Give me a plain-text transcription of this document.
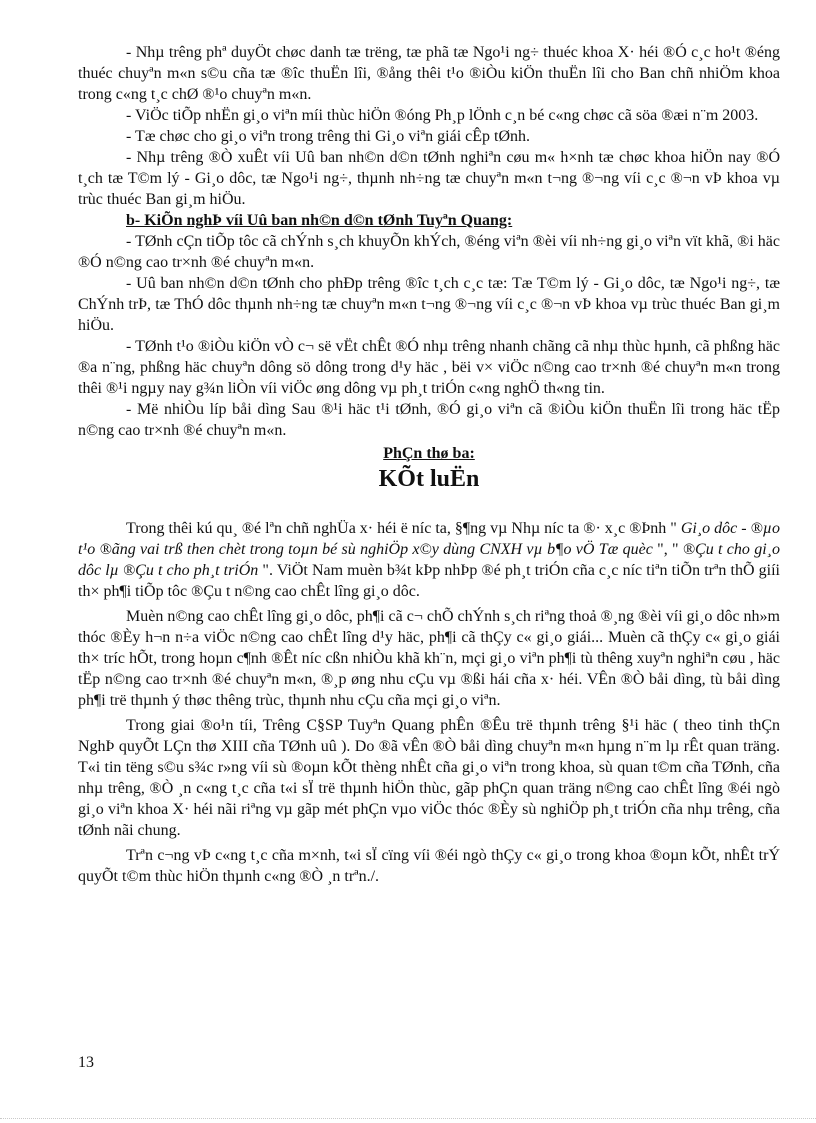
- Nhµ trêng phª duyÖt chøc danh tæ trëng, tæ phã tæ Ngo¹i ng÷ thuéc khoa X· héi ®Ó c¸c ho¹t ®éng thuéc chuyªn m«n s©u cña tæ ®îc thuËn lîi, ®ång thêi t¹o ®iÒu kiÖn thuËn lîi cho Ban chñ nhiÖm khoa trong c«ng t¸c chØ ®¹o chuyªn m«n.

- ViÖc tiÕp nhËn gi¸o viªn míi thùc hiÖn ®óng Ph¸p lÖnh c¸n bé c«ng chøc cã söa ®æi n¨m 2003.

- Tæ chøc cho gi¸o viªn trong trêng thi Gi¸o viªn giái cÊp tØnh.

- Nhµ trêng ®Ò xuÊt víi Uû ban nh©n d©n tØnh nghiªn cøu m« h×nh tæ chøc khoa hiÖn nay ®Ó t¸ch tæ T©m lý - Gi¸o dôc, tæ Ngo¹i ng÷, thµnh nh÷ng tæ chuyªn m«n t¬ng ®¬ng víi c¸c ®¬n vÞ khoa vµ trùc thuéc Ban gi¸m hiÖu.

b- KiÕn nghÞ víi Uû ban nh©n d©n tØnh Tuyªn Quang:

- TØnh cÇn tiÕp tôc cã chÝnh s¸ch khuyÕn khÝch, ®éng viªn ®èi víi nh÷ng gi¸o viªn vït khã, ®i häc ®Ó n©ng cao tr×nh ®é chuyªn m«n.

- Uû ban nh©n d©n tØnh cho phÐp trêng ®îc t¸ch c¸c tæ: Tæ T©m lý - Gi¸o dôc, tæ Ngo¹i ng÷, tæ ChÝnh trÞ, tæ ThÓ dôc thµnh nh÷ng tæ chuyªn m«n t¬ng ®¬ng víi c¸c ®¬n vÞ khoa vµ trùc thuéc Ban gi¸m hiÖu.

- TØnh t¹o ®iÒu kiÖn vÒ c¬ së vËt chÊt ®Ó nhµ trêng nhanh chãng cã nhµ thùc hµnh, cã phßng häc ®a n¨ng, phßng häc chuyªn dông sö dông trong d¹y häc , bëi v× viÖc n©ng cao tr×nh ®é chuyªn m«n trong thêi ®¹i ngµy nay g¾n liÒn víi viÖc øng dông vµ ph¸t triÓn c«ng nghÖ th«ng tin.

- Më nhiÒu líp båi dìng Sau ®¹i häc t¹i tØnh, ®Ó gi¸o viªn cã ®iÒu kiÖn thuËn lîi trong häc tËp n©ng cao tr×nh ®é chuyªn m«n.

PhÇn thø ba:

KÕt luËn

Trong thêi kú qu¸ ®é lªn chñ nghÜa x· héi ë níc ta, §¶ng vµ Nhµ níc ta ®· x¸c ®Þnh " Gi¸o dôc - ®µo t¹o ®ãng vai trß then chèt trong toµn bé sù nghiÖp x©y dùng CNXH vµ b¶o vÖ Tæ quèc ", " ®Çu t cho gi¸o dôc lµ ®Çu t cho ph¸t triÓn ". ViÖt Nam muèn b¾t kÞp nhÞp ®é ph¸t triÓn cña c¸c níc tiªn tiÕn trªn thÕ giíi th× ph¶i tiÕp tôc ®Çu t n©ng cao chÊt lîng gi¸o dôc.

Muèn n©ng cao chÊt lîng gi¸o dôc, ph¶i cã c¬ chÕ chÝnh s¸ch riªng thoả ®¸ng ®èi víi gi¸o dôc nh»m thóc ®Èy h¬n n÷a viÖc n©ng cao chÊt lîng d¹y häc, ph¶i cã thÇy c« gi¸o giái... Muèn cã thÇy c« gi¸o giái th× tríc hÕt, trong hoµn c¶nh ®Êt níc cßn nhiÒu khã kh¨n, mçi gi¸o viªn ph¶i tù thêng xuyªn nghiªn cøu , häc tËp n©ng cao tr×nh ®é chuyªn m«n, ®¸p øng nhu cÇu vµ ®ßi hái cña x· héi. VÊn ®Ò båi dìng, tù båi dìng ph¶i trë thµnh ý thøc thêng trùc, thµnh nhu cÇu cña mçi gi¸o viªn.

Trong giai ®o¹n tíi, Trêng C§SP Tuyªn Quang phÊn ®Êu trë thµnh trêng §¹i häc ( theo tinh thÇn NghÞ quyÕt LÇn thø XIII cña TØnh uû ). Do ®ã vÊn ®Ò båi dìng chuyªn m«n hµng n¨m lµ rÊt quan träng. T«i tin tëng s©u s¾c r»ng víi sù ®oµn kÕt thèng nhÊt cña gi¸o viªn trong khoa, sù quan t©m cña TØnh, cña nhµ trêng, ®Ò ¸n c«ng t¸c cña t«i sÏ trë thµnh hiÖn thùc, gãp phÇn quan träng n©ng cao chÊt lîng ®éi ngò gi¸o viªn khoa X· héi nãi riªng vµ gãp mét phÇn vµo viÖc thóc ®Èy sù nghiÖp ph¸t triÓn cña nhµ trêng, cña tØnh nãi chung.

Trªn c¬ng vÞ c«ng t¸c cña m×nh, t«i sÏ cïng víi ®éi ngò thÇy c« gi¸o trong khoa ®oµn kÕt, nhÊt trÝ quyÕt t©m thùc hiÖn thµnh c«ng ®Ò ¸n trªn./.

13
